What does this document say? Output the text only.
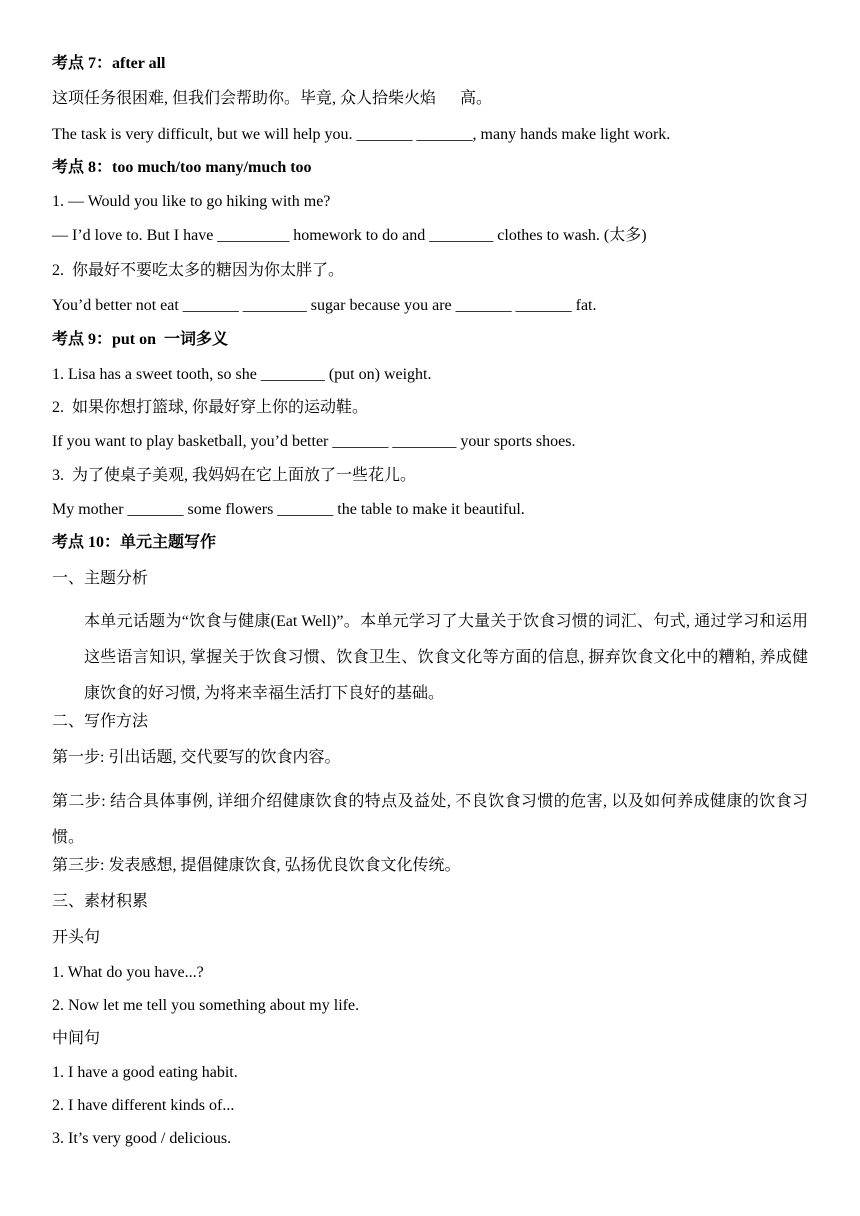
考点 7：after all
这项任务很困难, 但我们会帮助你。毕竟, 众人拾柴火焰      高。
The task is very difficult, but we will help you. _______ _______, many hands make light work.
考点 8：too much/too many/much too
1. — Would you like to go hiking with me?
— I’d love to. But I have _________ homework to do and ________ clothes to wash. (太多)
2.  你最好不要吃太多的糖因为你太胖了。
You’d better not eat _______ ________ sugar because you are _______ _______ fat.
考点 9：put on  一词多义
1. Lisa has a sweet tooth, so she ________ (put on) weight.
2.  如果你想打篮球, 你最好穿上你的运动鞋。
If you want to play basketball, you’d better _______ ________ your sports shoes.
3.  为了使桌子美观, 我妈妈在它上面放了一些花儿。
My mother _______ some flowers _______ the table to make it beautiful.
考点 10：单元主题写作
一、主题分析
本单元话题为“饮食与健康(Eat Well)”。本单元学习了大量关于饮食习惯的词汇、句式, 通过学习和运用这些语言知识, 掌握关于饮食习惯、饮食卫生、饮食文化等方面的信息, 摒弃饮食文化中的糟粕, 养成健康饮食的好习惯, 为将来幸福生活打下良好的基础。
二、写作方法
第一步: 引出话题, 交代要写的饮食内容。
第二步: 结合具体事例, 详细介绍健康饮食的特点及益处, 不良饮食习惯的危害, 以及如何养成健康的饮食习惯。
第三步: 发表感想, 提倡健康饮食, 弘扬优良饮食文化传统。
三、素材积累
开头句
1. What do you have...?
2. Now let me tell you something about my life.
中间句
1. I have a good eating habit.
2. I have different kinds of...
3. It’s very good / delicious.
